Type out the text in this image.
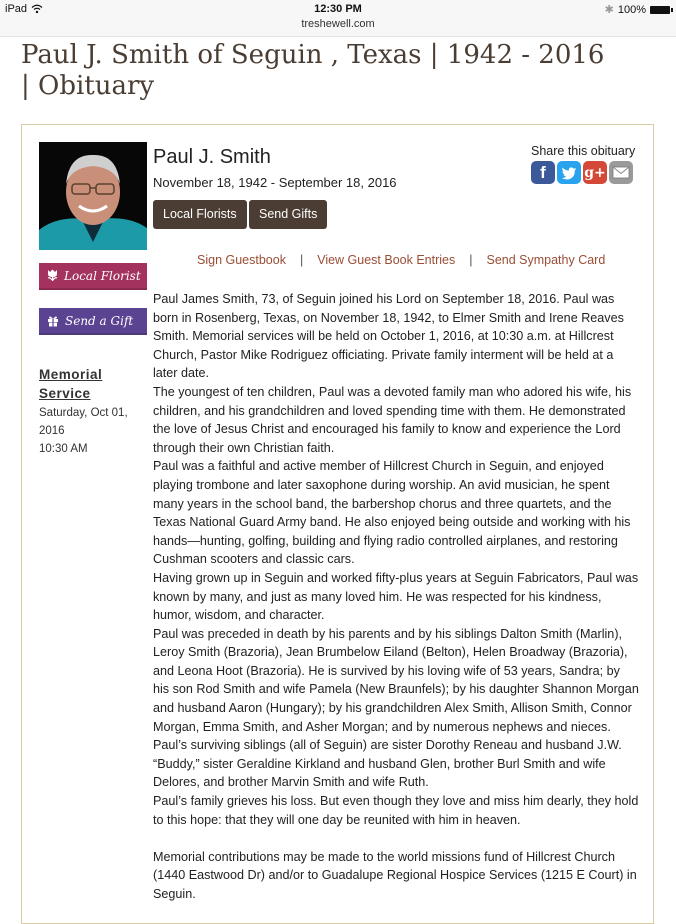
iPad	12:30 PM
treshewell.com
✱ 100%
Paul J. Smith of Seguin , Texas | 1942 - 2016 | Obituary
Paul J. Smith
November 18, 1942 - September 18, 2016
Local Florists	Send Gifts
Share this obituary
f	g+
Sign Guestbook | View Guest Book Entries | Send Sympathy Card
Local Florist
Send a Gift
Memorial Service
Saturday, Oct 01, 2016
10:30 AM

Paul James Smith, 73, of Seguin joined his Lord on September 18, 2016. Paul was born in Rosenberg, Texas, on November 18, 1942, to Elmer Smith and Irene Reaves Smith. Memorial services will be held on October 1, 2016, at 10:30 a.m. at Hillcrest Church, Pastor Mike Rodriguez officiating. Private family interment will be held at a later date.

The youngest of ten children, Paul was a devoted family man who adored his wife, his children, and his grandchildren and loved spending time with them. He demonstrated the love of Jesus Christ and encouraged his family to know and experience the Lord through their own Christian faith.

Paul was a faithful and active member of Hillcrest Church in Seguin, and enjoyed playing trombone and later saxophone during worship. An avid musician, he spent many years in the school band, the barbershop chorus and three quartets, and the Texas National Guard Army band. He also enjoyed being outside and working with his hands—hunting, golfing, building and flying radio controlled airplanes, and restoring Cushman scooters and classic cars.

Having grown up in Seguin and worked fifty-plus years at Seguin Fabricators, Paul was known by many, and just as many loved him. He was respected for his kindness, humor, wisdom, and character.

Paul was preceded in death by his parents and by his siblings Dalton Smith (Marlin), Leroy Smith (Brazoria), Jean Brumbelow Eiland (Belton), Helen Broadway (Brazoria), and Leona Hoot (Brazoria). He is survived by his loving wife of 53 years, Sandra; by his son Rod Smith and wife Pamela (New Braunfels); by his daughter Shannon Morgan and husband Aaron (Hungary); by his grandchildren Alex Smith, Allison Smith, Connor Morgan, Emma Smith, and Asher Morgan; and by numerous nephews and nieces. Paul’s surviving siblings (all of Seguin) are sister Dorothy Reneau and husband J.W. “Buddy,” sister Geraldine Kirkland and husband Glen, brother Burl Smith and wife Delores, and brother Marvin Smith and wife Ruth.

Paul’s family grieves his loss. But even though they love and miss him dearly, they hold to this hope: that they will one day be reunited with him in heaven.

Memorial contributions may be made to the world missions fund of Hillcrest Church (1440 Eastwood Dr) and/or to Guadalupe Regional Hospice Services (1215 E Court) in Seguin.
